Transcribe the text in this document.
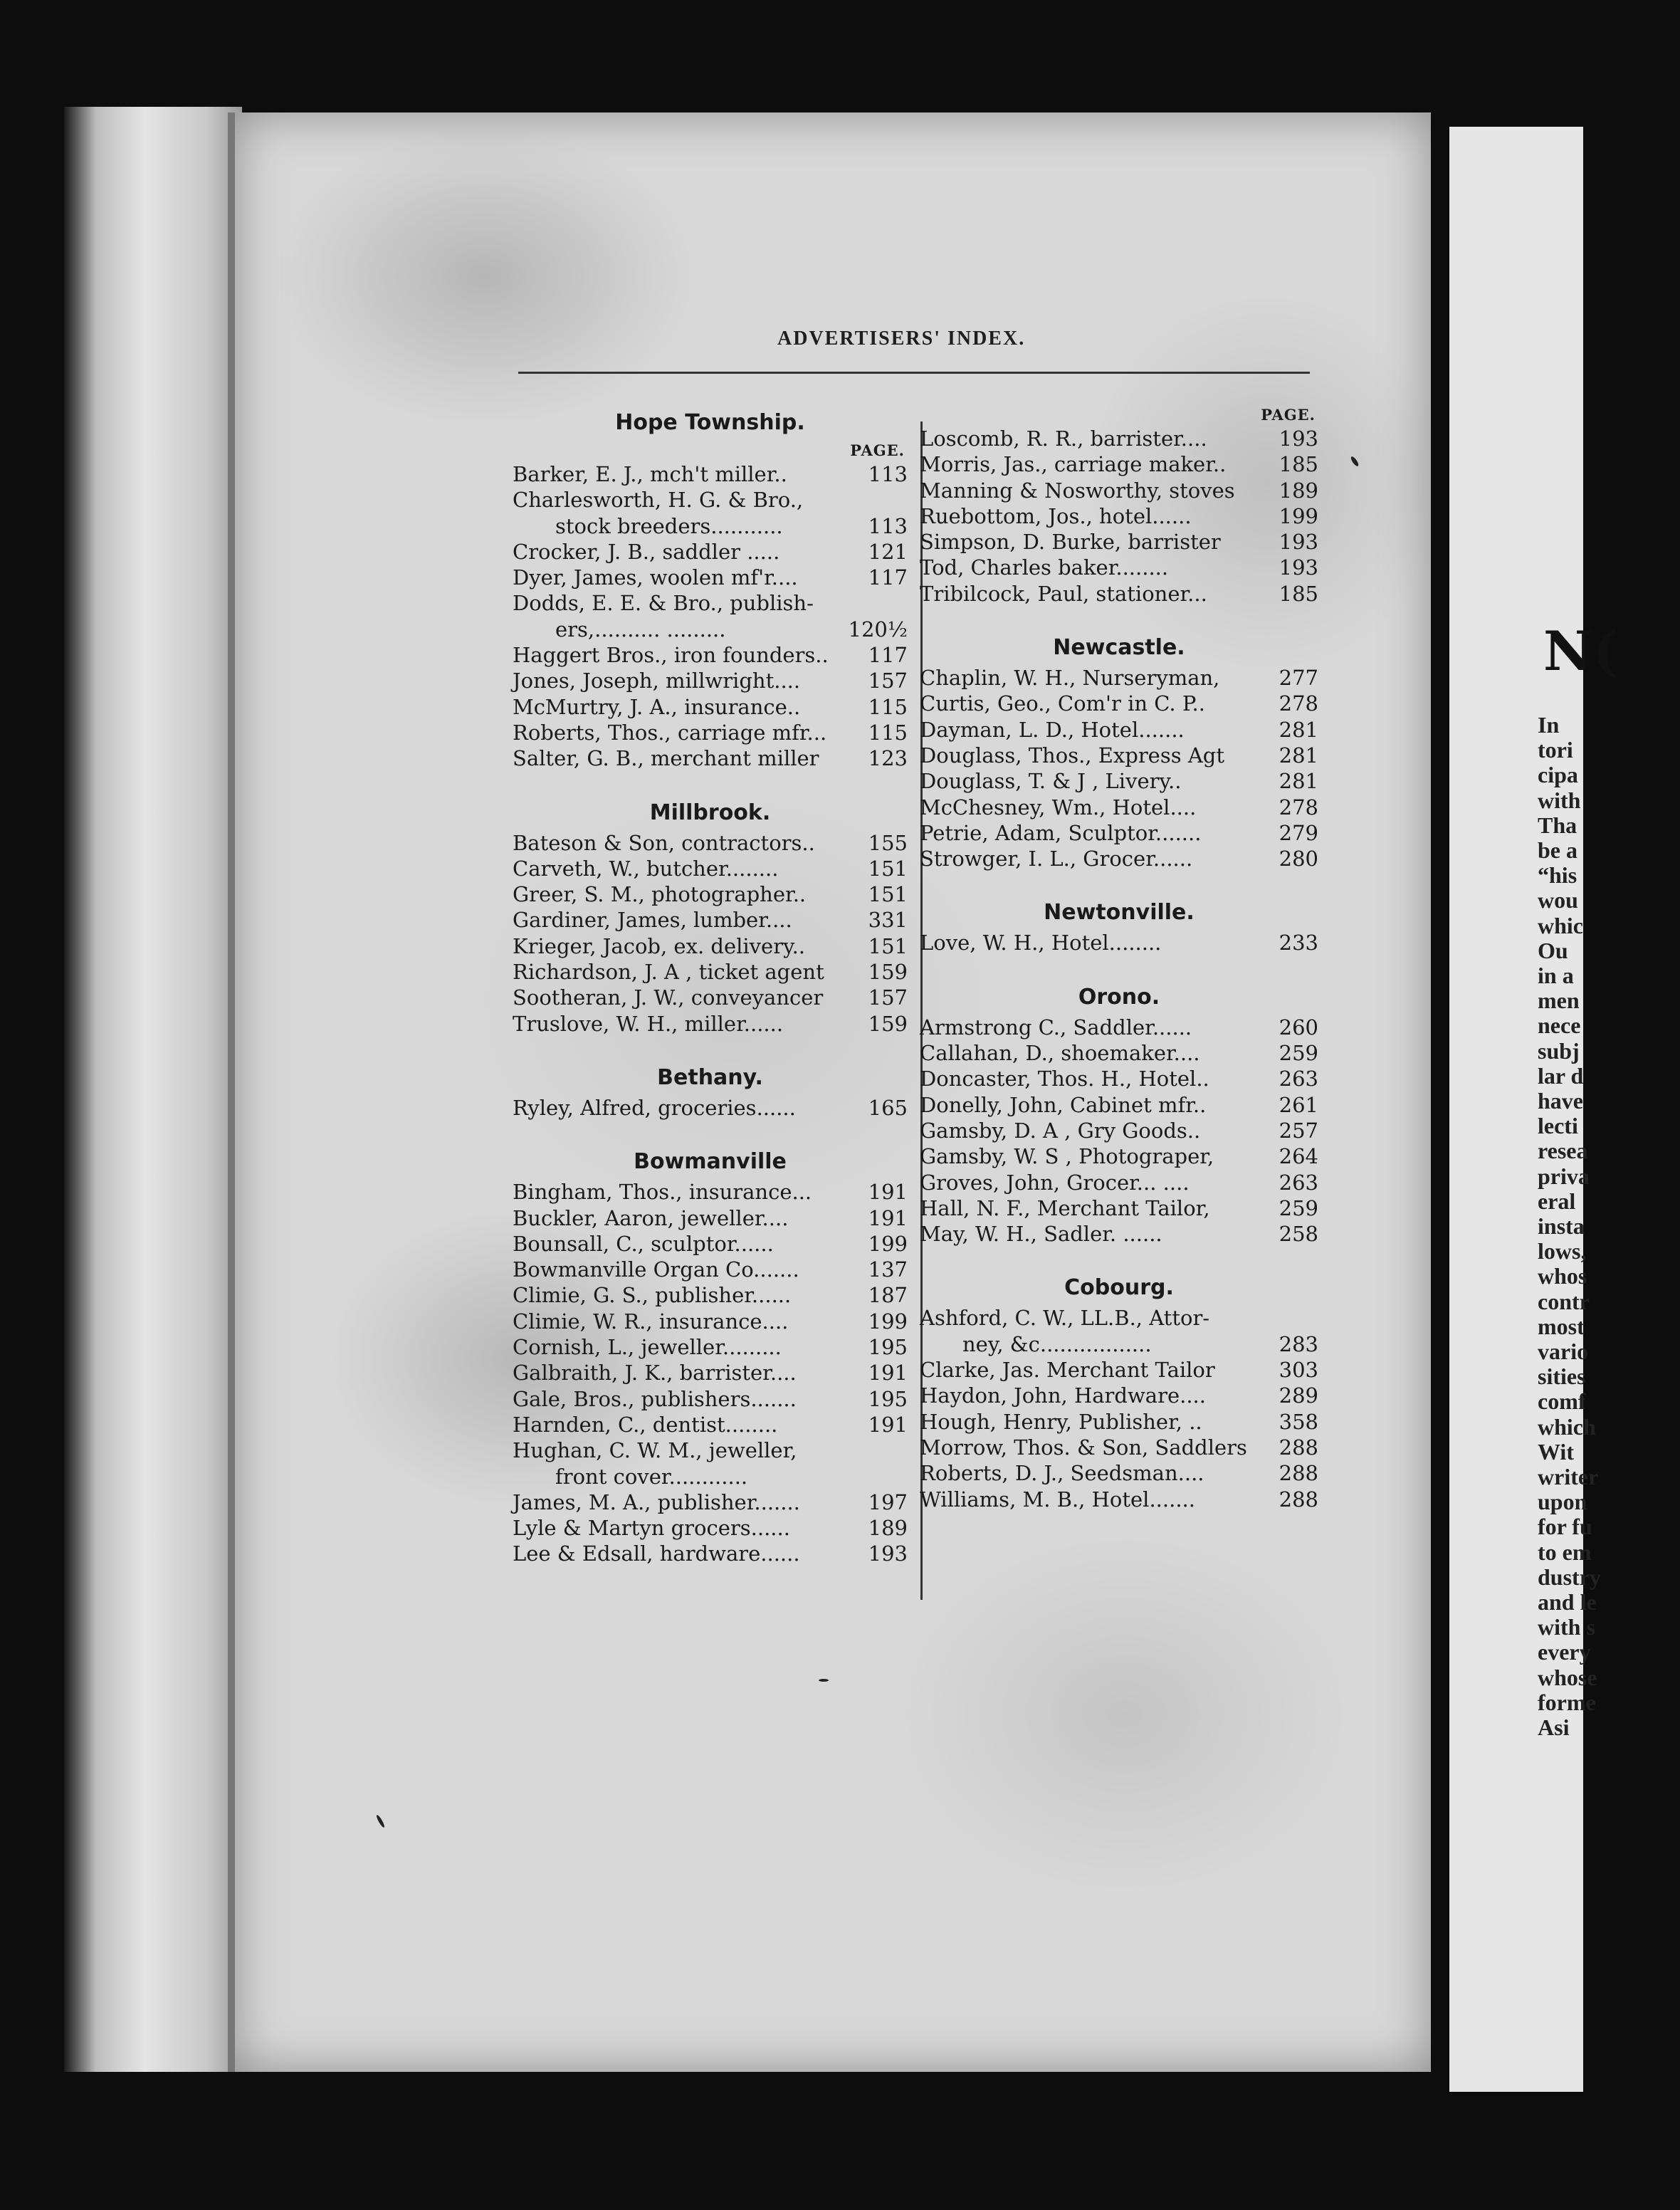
N(
In
tori
cipa
with
Tha
be a
“his
wou
whic
Ou
in a
men
nece
subj
lar d
have
lecti
resea
priva
eral
insta
lows,
whos
contr
most
vario
sities
comf
which
Wit
writer
upon
for fu
to em
dustry
and le
with s
every
whose
forme
Asi
ADVERTISERS' INDEX.
Hope Township.
PAGE.
Barker, E. J., mch't miller..	113
Charlesworth, H. G. & Bro.,
stock breeders...........	113
Crocker, J. B., saddler .....	121
Dyer, James, woolen mf'r....	117
Dodds, E. E. & Bro., publish-
ers,.......... .........	120½
Haggert Bros., iron founders..	117
Jones, Joseph, millwright....	157
McMurtry, J. A., insurance..	115
Roberts, Thos., carriage mfr...	115
Salter, G. B., merchant miller	123
Millbrook.
Bateson & Son, contractors..	155
Carveth, W., butcher........	151
Greer, S. M., photographer..	151
Gardiner, James, lumber....	331
Krieger, Jacob, ex. delivery..	151
Richardson, J. A , ticket agent	159
Sootheran, J. W., conveyancer	157
Truslove, W. H., miller......	159
Bethany.
Ryley, Alfred, groceries......	165
Bowmanville
Bingham, Thos., insurance...	191
Buckler, Aaron, jeweller....	191
Bounsall, C., sculptor......	199
Bowmanville Organ Co.......	137
Climie, G. S., publisher......	187
Climie, W. R., insurance....	199
Cornish, L., jeweller.........	195
Galbraith, J. K., barrister....	191
Gale, Bros., publishers.......	195
Harnden, C., dentist........	191
Hughan, C. W. M., jeweller,
front cover............
James, M. A., publisher.......	197
Lyle & Martyn grocers......	189
Lee & Edsall, hardware......	193
PAGE.
Loscomb, R. R., barrister....	193
Morris, Jas., carriage maker..	185
Manning & Nosworthy, stoves	189
Ruebottom, Jos., hotel......	199
Simpson, D. Burke, barrister	193
Tod, Charles baker........	193
Tribilcock, Paul, stationer...	185
Newcastle.
Chaplin, W. H., Nurseryman,	277
Curtis, Geo., Com'r in C. P..	278
Dayman, L. D., Hotel.......	281
Douglass, Thos., Express Agt	281
Douglass, T. & J , Livery..	281
McChesney, Wm., Hotel....	278
Petrie, Adam, Sculptor.......	279
Strowger, I. L., Grocer......	280
Newtonville.
Love, W. H., Hotel........	233
Orono.
Armstrong C., Saddler......	260
Callahan, D., shoemaker....	259
Doncaster, Thos. H., Hotel..	263
Donelly, John, Cabinet mfr..	261
Gamsby, D. A , Gry Goods..	257
Gamsby, W. S , Photograper,	264
Groves, John, Grocer... ....	263
Hall, N. F., Merchant Tailor,	259
May, W. H., Sadler. ......	258
Cobourg.
Ashford, C. W., LL.B., Attor-
ney, &c.................	283
Clarke, Jas. Merchant Tailor	303
Haydon, John, Hardware....	289
Hough, Henry, Publisher, ..	358
Morrow, Thos. & Son, Saddlers	288
Roberts, D. J., Seedsman....	288
Williams, M. B., Hotel.......	288
